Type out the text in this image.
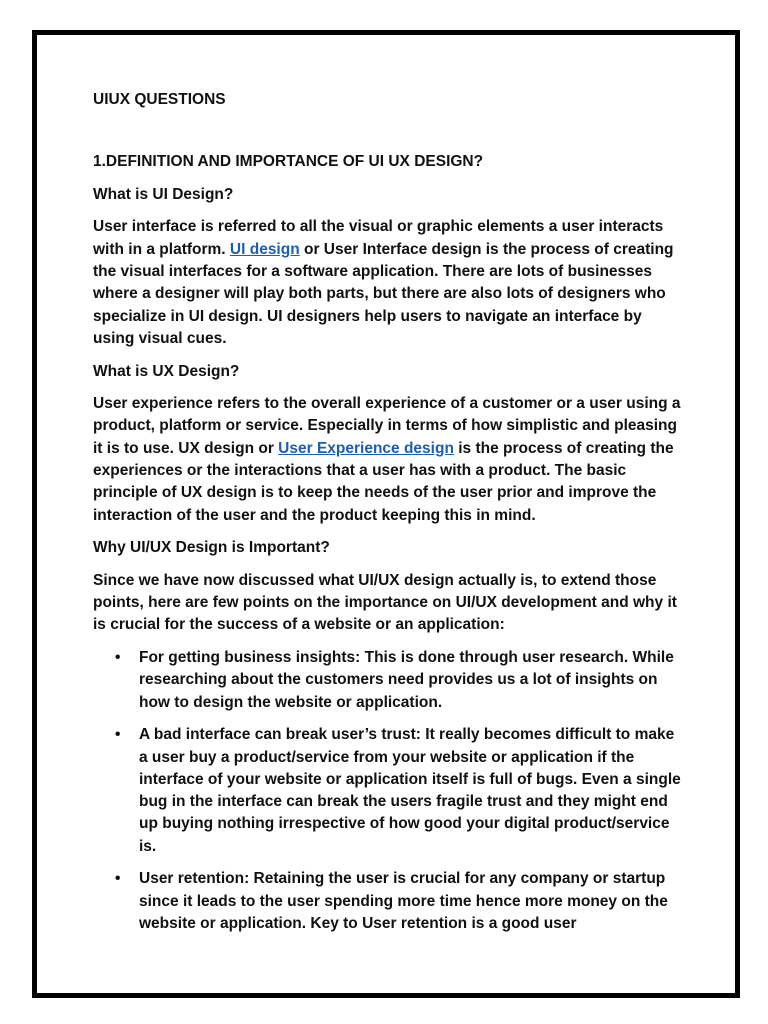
UIUX QUESTIONS

1.DEFINITION AND IMPORTANCE OF UI UX DESIGN?

What is UI Design?

User interface is referred to all the visual or graphic elements a user interacts with in a platform. UI design or User Interface design is the process of creating the visual interfaces for a software application. There are lots of businesses where a designer will play both parts, but there are also lots of designers who specialize in UI design. UI designers help users to navigate an interface by using visual cues.

What is UX Design?

User experience refers to the overall experience of a customer or a user using a product, platform or service. Especially in terms of how simplistic and pleasing it is to use. UX design or User Experience design is the process of creating the experiences or the interactions that a user has with a product. The basic principle of UX design is to keep the needs of the user prior and improve the interaction of the user and the product keeping this in mind.

Why UI/UX Design is Important?

Since we have now discussed what UI/UX design actually is, to extend those points, here are few points on the importance on UI/UX development and why it is crucial for the success of a website or an application:

• For getting business insights: This is done through user research. While researching about the customers need provides us a lot of insights on how to design the website or application.
• A bad interface can break user’s trust: It really becomes difficult to make a user buy a product/service from your website or application if the interface of your website or application itself is full of bugs. Even a single bug in the interface can break the users fragile trust and they might end up buying nothing irrespective of how good your digital product/service is.
• User retention: Retaining the user is crucial for any company or startup since it leads to the user spending more time hence more money on the website or application. Key to User retention is a good user
